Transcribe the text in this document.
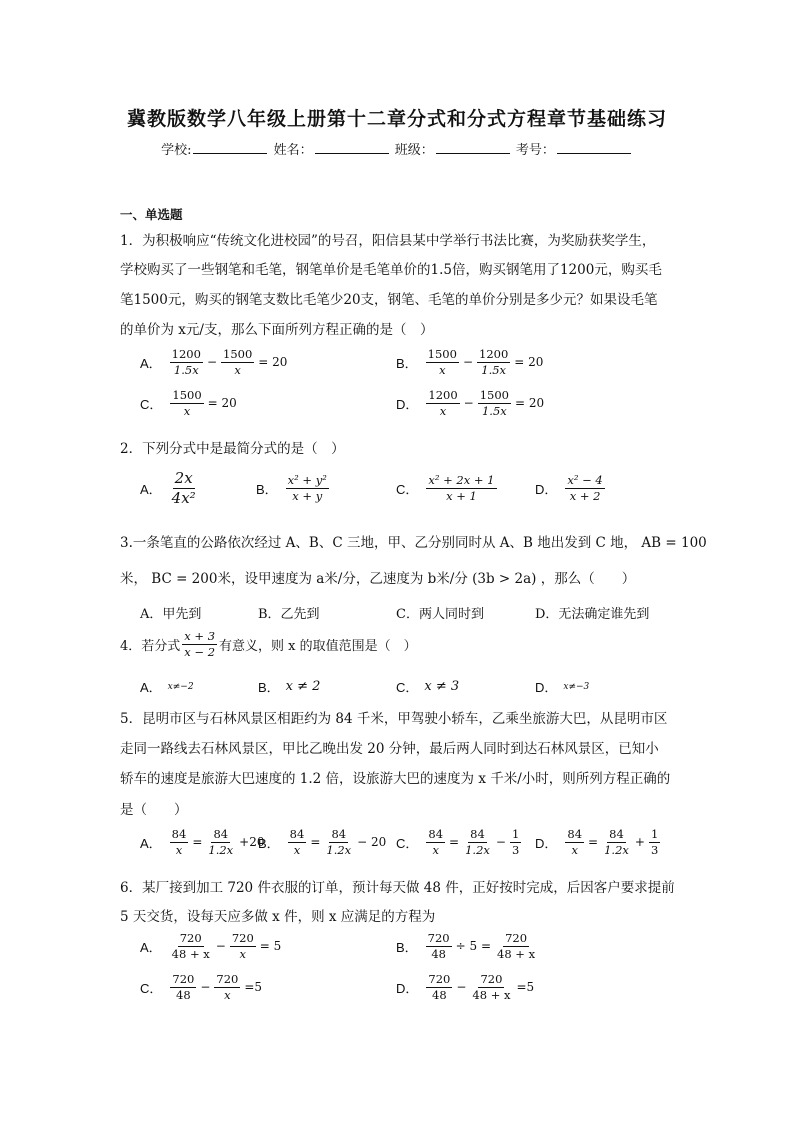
冀教版数学八年级上册第十二章分式和分式方程章节基础练习
学校:	姓名：	班级：	考号：
一、单选题
1．为积极响应“传统文化进校园”的号召，阳信县某中学举行书法比赛，为奖励获奖学生，
学校购买了一些钢笔和毛笔，钢笔单价是毛笔单价的1.5倍，购买钢笔用了1200元，购买毛
笔1500元，购买的钢笔支数比毛笔少20支，钢笔、毛笔的单价分别是多少元？如果设毛笔
的单价为 x元/支，那么下面所列方程正确的是（　）
A． $\frac{1200}{1.5x} - \frac{1500}{x} = 20$	B． $\frac{1500}{x} - \frac{1200}{1.5x} = 20$
C． $\frac{1500}{x} = 20$	D． $\frac{1200}{x} - \frac{1500}{1.5x} = 20$
2．下列分式中是最简分式的是（　）
A． $\frac{2x}{\text{4x²}}$	B． $\frac{\text{x² + y²}}{x + y}$	C． $\frac{\text{x² + 2x + 1}}{x + 1}$	D． $\frac{\text{x² − 4}}{x + 2}$
3.一条笔直的公路依次经过 A、B、C 三地，甲、乙分别同时从 A、B 地出发到 C 地， AB = 100
米， BC = 200米，设甲速度为 a米/分，乙速度为 b米/分 (3b > 2a) ，那么（　　）
A．甲先到	B．乙先到	C．两人同时到	D．无法确定谁先到
4．若分式 $\frac{x + 3}{x - 2}$ 有意义，则 x 的取值范围是（　）
A． x≠−2	B． x ≠ 2	C． x ≠ 3	D． x≠−3
5．昆明市区与石林风景区相距约为 84 千米，甲驾驶小轿车，乙乘坐旅游大巴，从昆明市区
走同一路线去石林风景区，甲比乙晚出发 20 分钟，最后两人同时到达石林风景区，已知小
轿车的速度是旅游大巴速度的 1.2 倍，设旅游大巴的速度为 x 千米/小时，则所列方程正确的
是（　　）
A． $\frac{84}{x} = \frac{84}{1.2x} +20$
B． $\frac{84}{x} = \frac{84}{1.2x} - 20$ C． $\frac{84}{x} = \frac{84}{1.2x} - \frac{1}{3}$ D． $\frac{84}{x} = \frac{84}{1.2x} + \frac{1}{3}$
6．某厂接到加工 720 件衣服的订单，预计每天做 48 件，正好按时完成，后因客户要求提前
5 天交货，设每天应多做 x 件，则 x 应满足的方程为
A． $\frac{720}{48 + x} - \frac{720}{x} = 5$	B． $\frac{720}{48} \div 5 = \frac{720}{48 + x}$
C． $\frac{720}{48} - \frac{720}{x} =5$	D． $\frac{720}{48} - \frac{720}{48 + x} =5$
